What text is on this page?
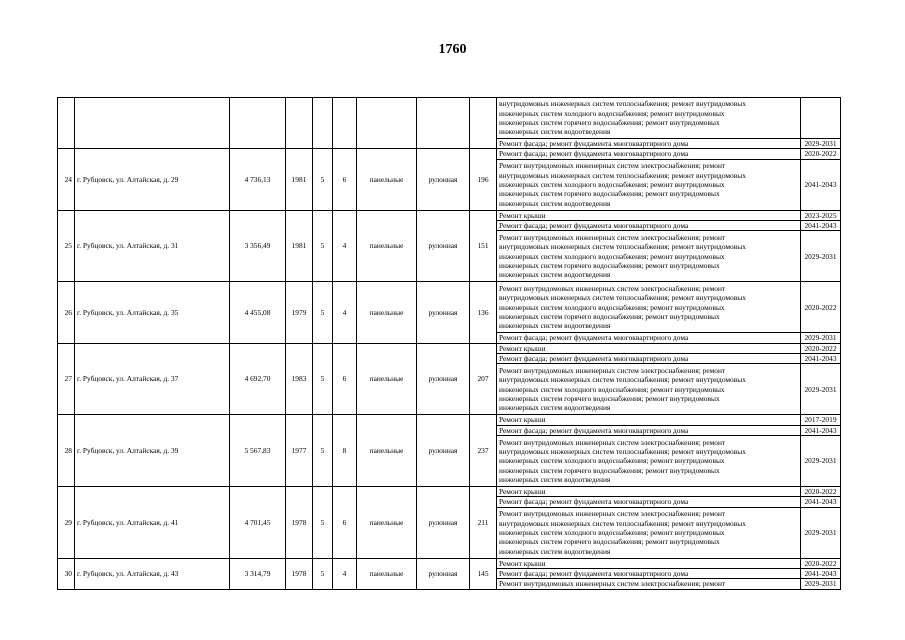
1760

									внутридомовых инженерных систем теплоснабжения; ремонт внутридомовых
инженерных систем холодного водоснабжения; ремонт внутридомовых
инженерных систем горячего водоснабжения; ремонт внутридомовых
инженерных систем водоотведения	

									Ремонт фасада; ремонт фундамента многоквартирного дома	2029-2031
24	г. Рубцовск, ул. Алтайская, д. 29	4 736,13	1981	5	6	панельные	рулонная	196	Ремонт фасада; ремонт фундамента многоквартирного дома	2020-2022

									Ремонт внутридомовых инженерных систем электроснабжения; ремонт
внутридомовых инженерных систем теплоснабжения; ремонт внутридомовых
инженерных систем холодного водоснабжения; ремонт внутридомовых
инженерных систем горячего водоснабжения; ремонт внутридомовых
инженерных систем водоотведения	2041-2043
25	г. Рубцовск, ул. Алтайская, д. 31	3 356,49	1981	5	4	панельные	рулонная	151	Ремонт крыши	2023-2025
									Ремонт фасада; ремонт фундамента многоквартирного дома	2041-2043

									Ремонт внутридомовых инженерных систем электроснабжения; ремонт
внутридомовых инженерных систем теплоснабжения; ремонт внутридомовых
инженерных систем холодного водоснабжения; ремонт внутридомовых
инженерных систем горячего водоснабжения; ремонт внутридомовых
инженерных систем водоотведения	2029-2031
26	г. Рубцовск, ул. Алтайская, д. 35	4 455,08	1979	5	4	панельные	рулонная	136	Ремонт внутридомовых инженерных систем электроснабжения; ремонт
внутридомовых инженерных систем теплоснабжения; ремонт внутридомовых
инженерных систем холодного водоснабжения; ремонт внутридомовых
инженерных систем горячего водоснабжения; ремонт внутридомовых
инженерных систем водоотведения	2020-2022
									Ремонт фасада; ремонт фундамента многоквартирного дома	2029-2031
27	г. Рубцовск, ул. Алтайская, д. 37	4 692,70	1983	5	6	панельные	рулонная	207	Ремонт крыши	2020-2022
									Ремонт фасада; ремонт фундамента многоквартирного дома	2041-2043

									Ремонт внутридомовых инженерных систем электроснабжения; ремонт
внутридомовых инженерных систем теплоснабжения; ремонт внутридомовых
инженерных систем холодного водоснабжения; ремонт внутридомовых
инженерных систем горячего водоснабжения; ремонт внутридомовых
инженерных систем водоотведения	2029-2031
28	г. Рубцовск, ул. Алтайская, д. 39	5 567,83	1977	5	8	панельные	рулонная	237	Ремонт крыши	2017-2019
									Ремонт фасада; ремонт фундамента многоквартирного дома	2041-2043

									Ремонт внутридомовых инженерных систем электроснабжения; ремонт
внутридомовых инженерных систем теплоснабжения; ремонт внутридомовых
инженерных систем холодного водоснабжения; ремонт внутридомовых
инженерных систем горячего водоснабжения; ремонт внутридомовых
инженерных систем водоотведения	2029-2031
29	г. Рубцовск, ул. Алтайская, д. 41	4 701,45	1978	5	6	панельные	рулонная	211	Ремонт крыши	2020-2022
									Ремонт фасада; ремонт фундамента многоквартирного дома	2041-2043

									Ремонт внутридомовых инженерных систем электроснабжения; ремонт
внутридомовых инженерных систем теплоснабжения; ремонт внутридомовых
инженерных систем холодного водоснабжения; ремонт внутридомовых
инженерных систем горячего водоснабжения; ремонт внутридомовых
инженерных систем водоотведения	2029-2031
30	г. Рубцовск, ул. Алтайская, д. 43	3 314,79	1978	5	4	панельные	рулонная	145	Ремонт крыши	2020-2022
									Ремонт фасада; ремонт фундамента многоквартирного дома	2041-2043
									Ремонт внутридомовых инженерных систем электроснабжения; ремонт	2029-2031
